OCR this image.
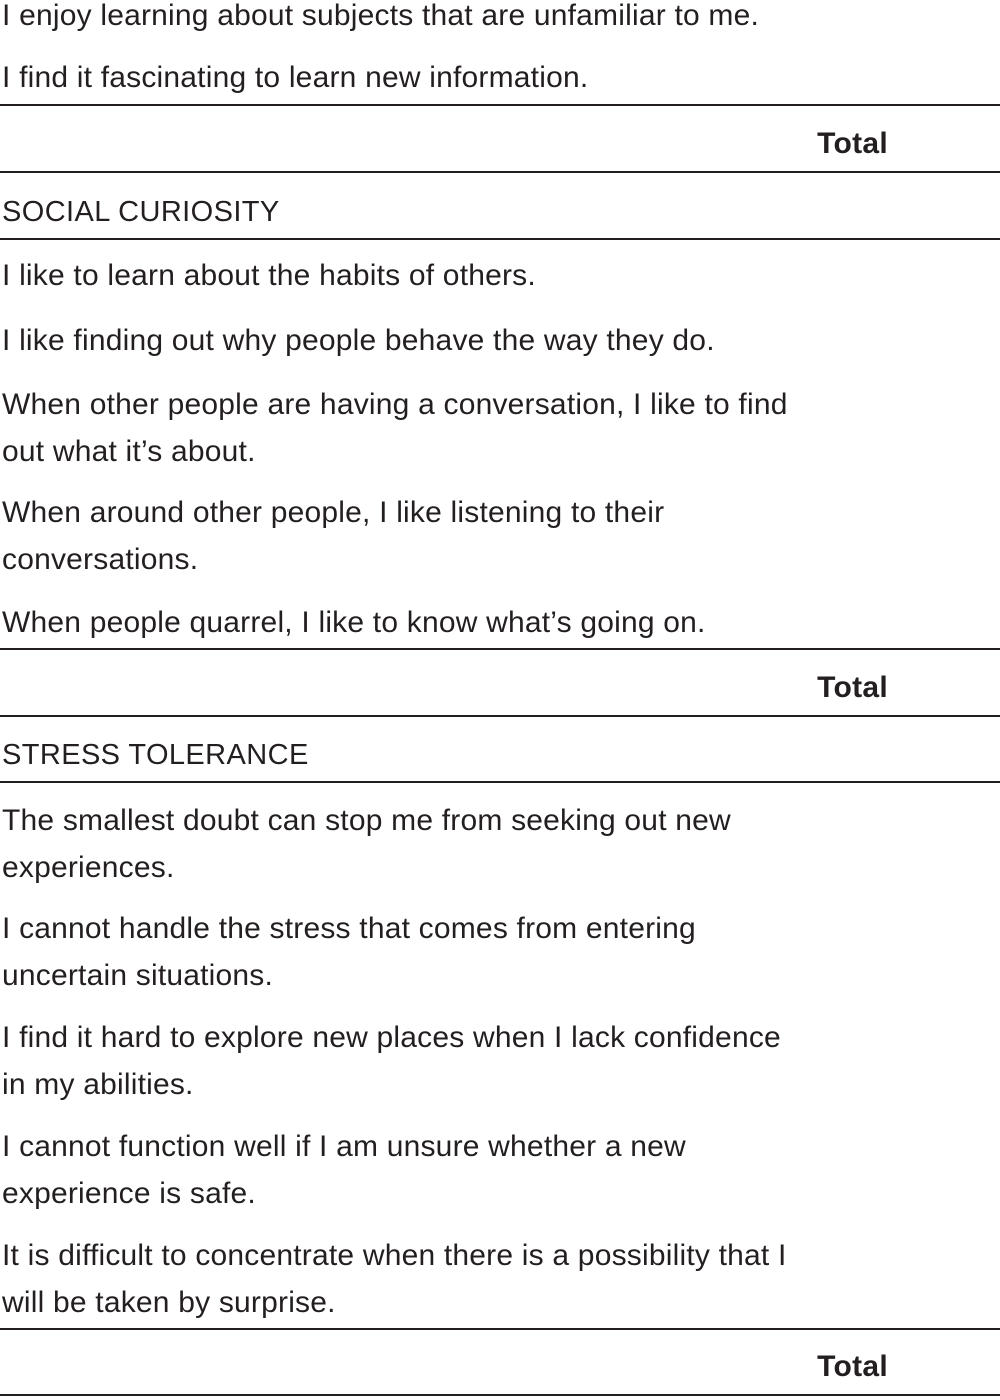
I enjoy learning about subjects that are unfamiliar to me.
I find it fascinating to learn new information.
Total
SOCIAL CURIOSITY
I like to learn about the habits of others.
I like finding out why people behave the way they do.
When other people are having a conversation, I like to find
out what it’s about.
When around other people, I like listening to their
conversations.
When people quarrel, I like to know what’s going on.
Total
STRESS TOLERANCE
The smallest doubt can stop me from seeking out new
experiences.
I cannot handle the stress that comes from entering
uncertain situations.
I find it hard to explore new places when I lack confidence
in my abilities.
I cannot function well if I am unsure whether a new
experience is safe.
It is difficult to concentrate when there is a possibility that I
will be taken by surprise.
Total
